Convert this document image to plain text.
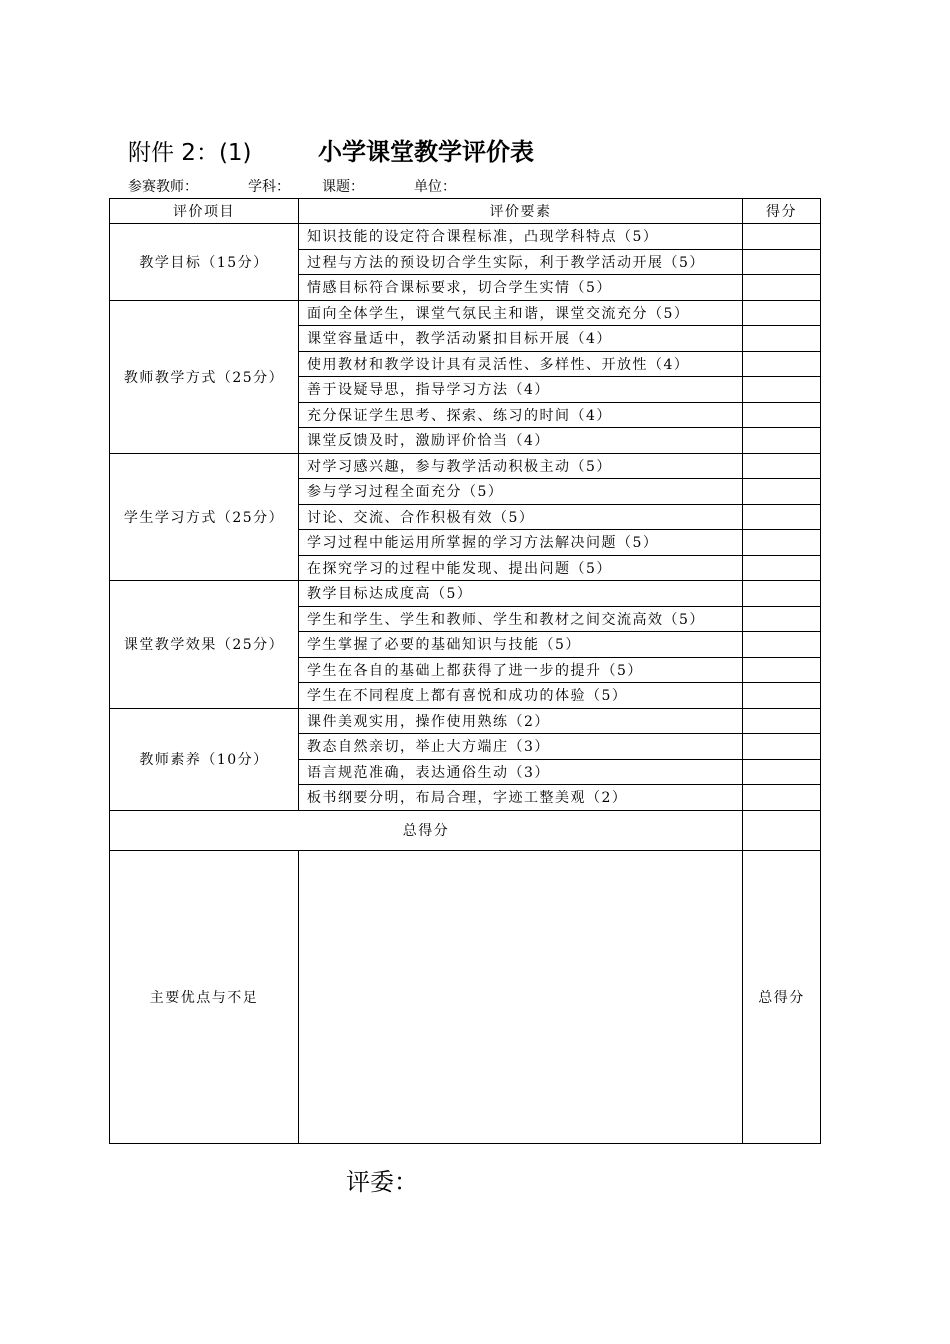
附件 2：(1)	小学课堂教学评价表
参赛教师：	学科： 课题：	单位：
评价项目	评价要素	得分
教学目标（15分）	知识技能的设定符合课程标准，凸现学科特点（5）	
	过程与方法的预设切合学生实际，利于教学活动开展（5）	
	情感目标符合课标要求，切合学生实情（5）	
教师教学方式（25分）	面向全体学生，课堂气氛民主和谐，课堂交流充分（5）	
	课堂容量适中，教学活动紧扣目标开展（4）	
	使用教材和教学设计具有灵活性、多样性、开放性（4）	
	善于设疑导思，指导学习方法（4）	
	充分保证学生思考、探索、练习的时间（4）	
	课堂反馈及时，激励评价恰当（4）	
学生学习方式（25分）	对学习感兴趣，参与教学活动积极主动（5）	
	参与学习过程全面充分（5）	
	讨论、交流、合作积极有效（5）	
	学习过程中能运用所掌握的学习方法解决问题（5）	
	在探究学习的过程中能发现、提出问题（5）	
课堂教学效果（25分）	教学目标达成度高（5）	
	学生和学生、学生和教师、学生和教材之间交流高效（5）	
	学生掌握了必要的基础知识与技能（5）	
	学生在各自的基础上都获得了进一步的提升（5）	
	学生在不同程度上都有喜悦和成功的体验（5）	
教师素养（10分）	课件美观实用，操作使用熟练（2）	
	教态自然亲切，举止大方端庄（3）	
	语言规范准确，表达通俗生动（3）	
	板书纲要分明，布局合理，字迹工整美观（2）	
总得分		
主要优点与不足		总得分
评委：
